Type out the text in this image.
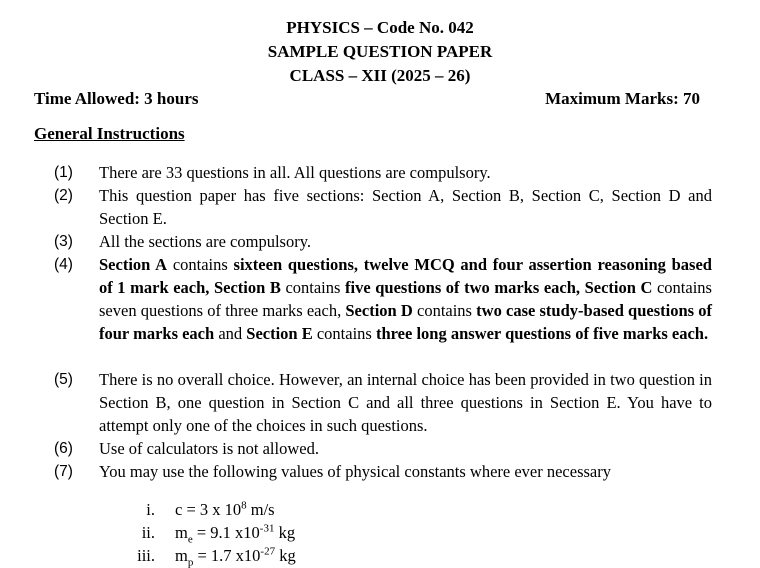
PHYSICS – Code No. 042
SAMPLE QUESTION PAPER
CLASS – XII (2025 – 26)
Time Allowed: 3 hours	Maximum Marks: 70
General Instructions
(1) There are 33 questions in all. All questions are compulsory.
(2) This question paper has five sections: Section A, Section B, Section C, Section D and Section E.
(3) All the sections are compulsory.
(4) Section A contains sixteen questions, twelve MCQ and four assertion reasoning based of 1 mark each, Section B contains five questions of two marks each, Section C contains seven questions of three marks each, Section D contains two case study-based questions of four marks each and Section E contains three long answer questions of five marks each.
(5) There is no overall choice. However, an internal choice has been provided in two question in Section B, one question in Section C and all three questions in Section E. You have to attempt only one of the choices in such questions.
(6) Use of calculators is not allowed.
(7) You may use the following values of physical constants where ever necessary
i. c = 3 x $10^8$ m/s
ii. $m_e = 9.1$ $x10^{-31}$ kg
iii. $m_p = 1.7$ $x10^{-27}$ kg
